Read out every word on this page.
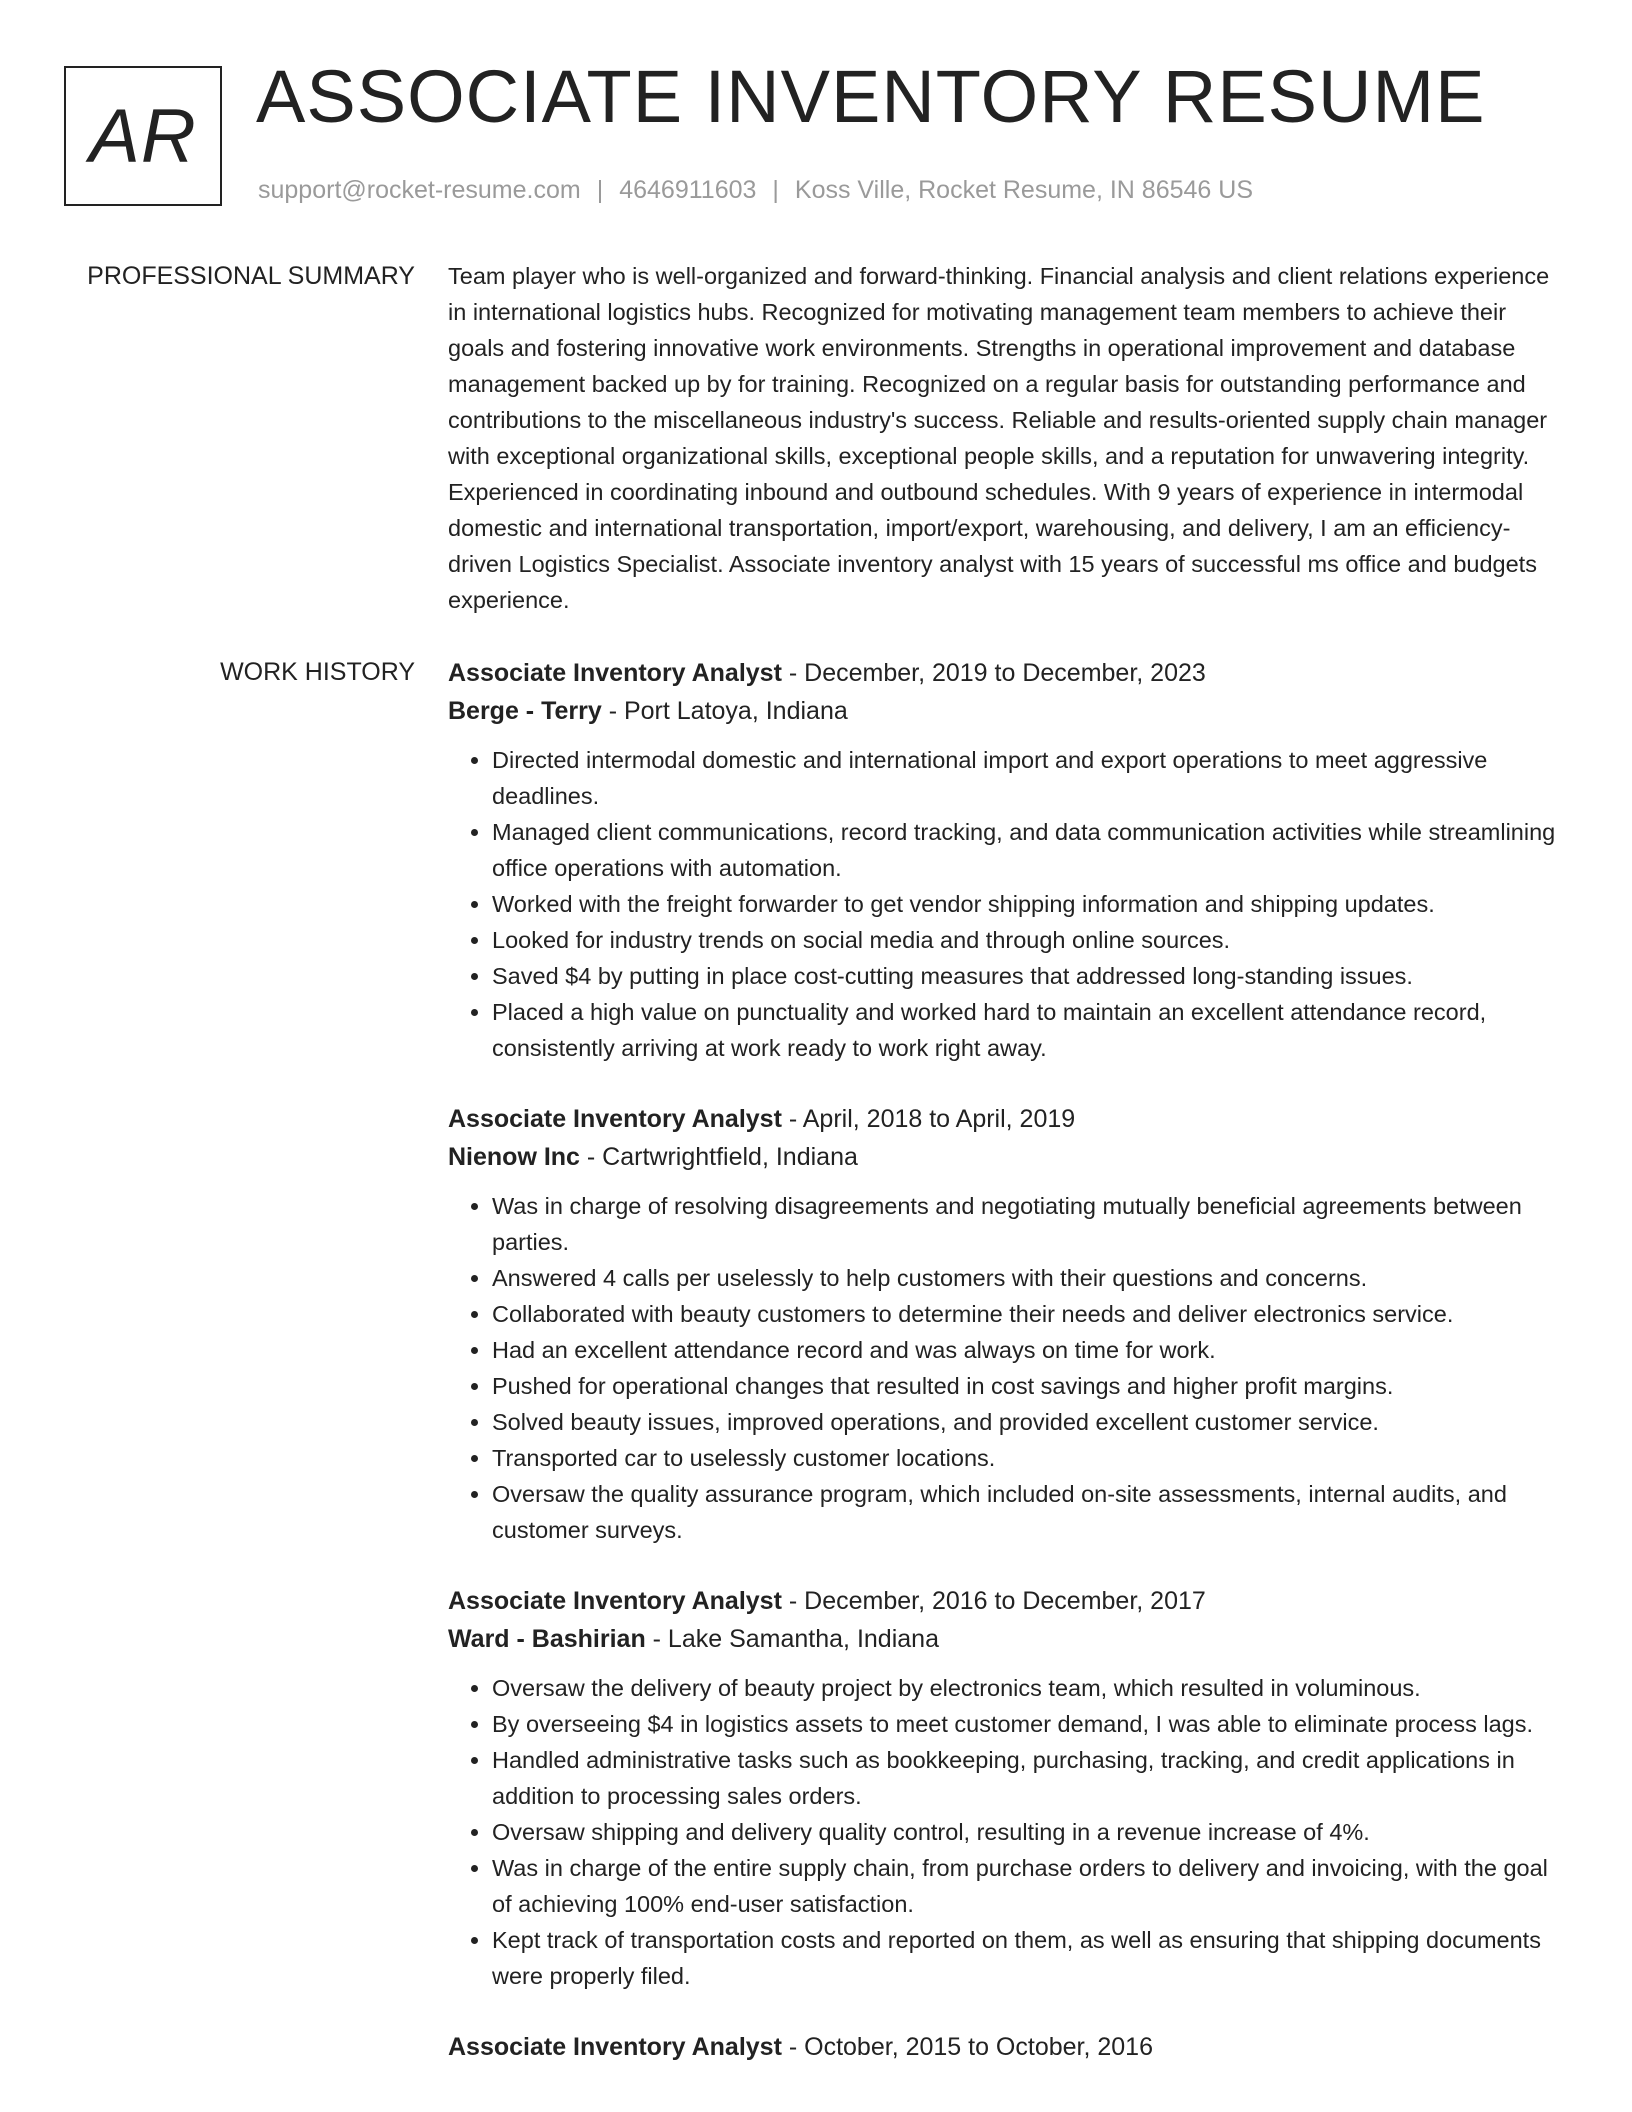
AR ASSOCIATE INVENTORY RESUME
support@rocket-resume.com | 4646911603 | Koss Ville, Rocket Resume, IN 86546 US
PROFESSIONAL SUMMARY Team player who is well-organized and forward-thinking. Financial analysis and client relations experience in international logistics hubs. Recognized for motivating management team members to achieve their goals and fostering innovative work environments. Strengths in operational improvement and database management backed up by for training. Recognized on a regular basis for outstanding performance and contributions to the miscellaneous industry's success. Reliable and results-oriented supply chain manager with exceptional organizational skills, exceptional people skills, and a reputation for unwavering integrity. Experienced in coordinating inbound and outbound schedules. With 9 years of experience in intermodal domestic and international transportation, import/export, warehousing, and delivery, I am an efficiency-driven Logistics Specialist. Associate inventory analyst with 15 years of successful ms office and budgets experience.

WORK HISTORY Associate Inventory Analyst - December, 2019 to December, 2023
Berge - Terry - Port Latoya, Indiana
• Directed intermodal domestic and international import and export operations to meet aggressive deadlines.
• Managed client communications, record tracking, and data communication activities while streamlining office operations with automation.
• Worked with the freight forwarder to get vendor shipping information and shipping updates.
• Looked for industry trends on social media and through online sources.
• Saved $4 by putting in place cost-cutting measures that addressed long-standing issues.
• Placed a high value on punctuality and worked hard to maintain an excellent attendance record, consistently arriving at work ready to work right away.
Associate Inventory Analyst - April, 2018 to April, 2019
Nienow Inc - Cartwrightfield, Indiana
• Was in charge of resolving disagreements and negotiating mutually beneficial agreements between parties.
• Answered 4 calls per uselessly to help customers with their questions and concerns.
• Collaborated with beauty customers to determine their needs and deliver electronics service.
• Had an excellent attendance record and was always on time for work.
• Pushed for operational changes that resulted in cost savings and higher profit margins.
• Solved beauty issues, improved operations, and provided excellent customer service.
• Transported car to uselessly customer locations.
• Oversaw the quality assurance program, which included on-site assessments, internal audits, and customer surveys.
Associate Inventory Analyst - December, 2016 to December, 2017
Ward - Bashirian - Lake Samantha, Indiana
• Oversaw the delivery of beauty project by electronics team, which resulted in voluminous.
• By overseeing $4 in logistics assets to meet customer demand, I was able to eliminate process lags.
• Handled administrative tasks such as bookkeeping, purchasing, tracking, and credit applications in addition to processing sales orders.
• Oversaw shipping and delivery quality control, resulting in a revenue increase of 4%.
• Was in charge of the entire supply chain, from purchase orders to delivery and invoicing, with the goal of achieving 100% end-user satisfaction.
• Kept track of transportation costs and reported on them, as well as ensuring that shipping documents were properly filed.
Associate Inventory Analyst - October, 2015 to October, 2016
